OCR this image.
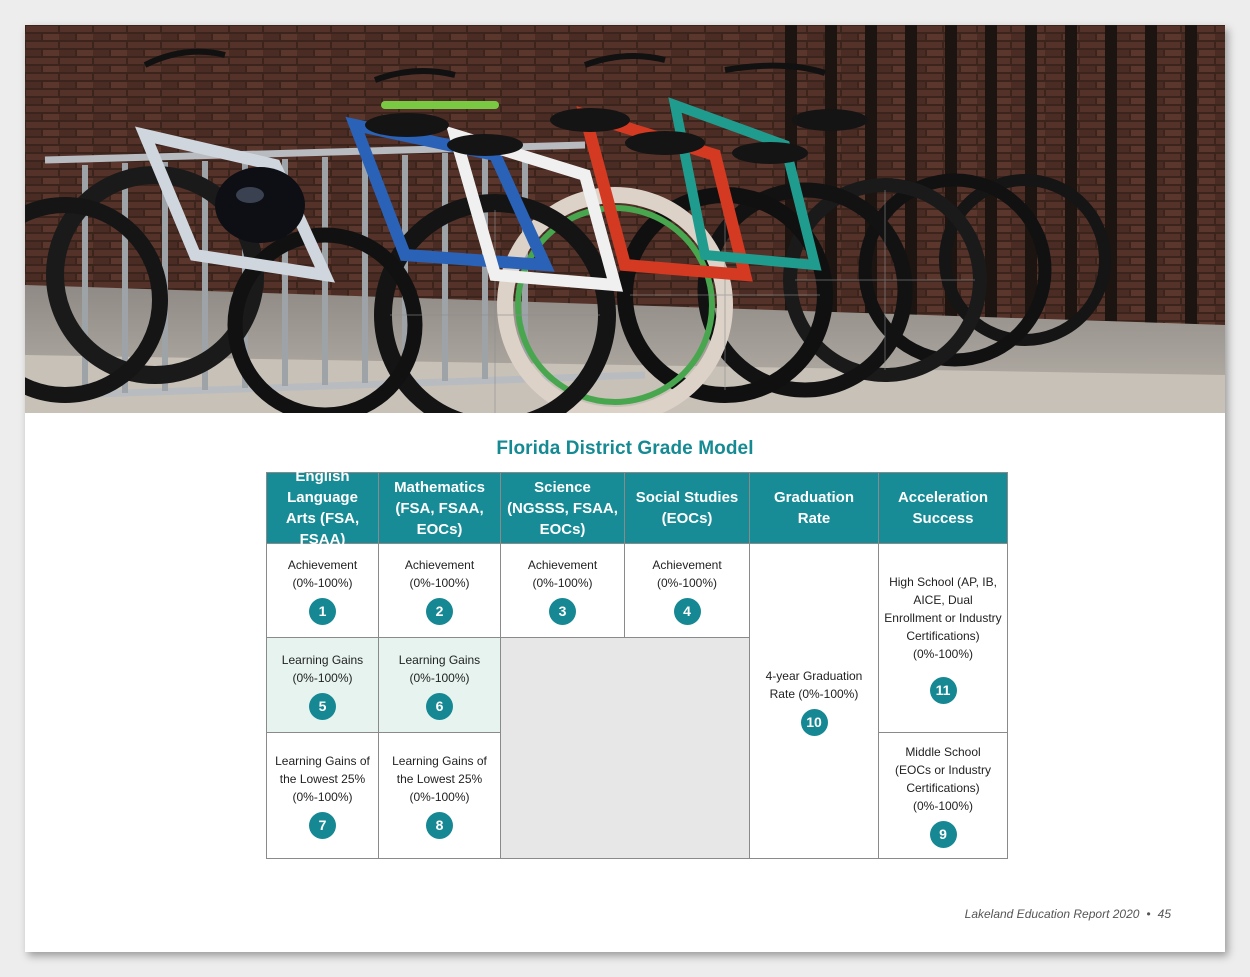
Florida District Grade Model
English Language Arts (FSA, FSAA)
Mathematics (FSA, FSAA, EOCs)
Science (NGSSS, FSAA, EOCs)
Social Studies (EOCs)
Graduation Rate
Acceleration Success
Achievement (0%-100%)
1
Achievement (0%-100%)
2
Achievement (0%-100%)
3
Achievement (0%-100%)
4
4-year Graduation Rate (0%-100%)
10
High School (AP, IB, AICE, Dual Enrollment or Industry Certifications) (0%-100%)
11
Learning Gains (0%-100%)
5
Learning Gains (0%-100%)
6
Learning Gains of the Lowest 25% (0%-100%)
7
Learning Gains of the Lowest 25% (0%-100%)
8
Middle School (EOCs or Industry Certifications) (0%-100%)
9
Lakeland Education Report 2020 • 45
